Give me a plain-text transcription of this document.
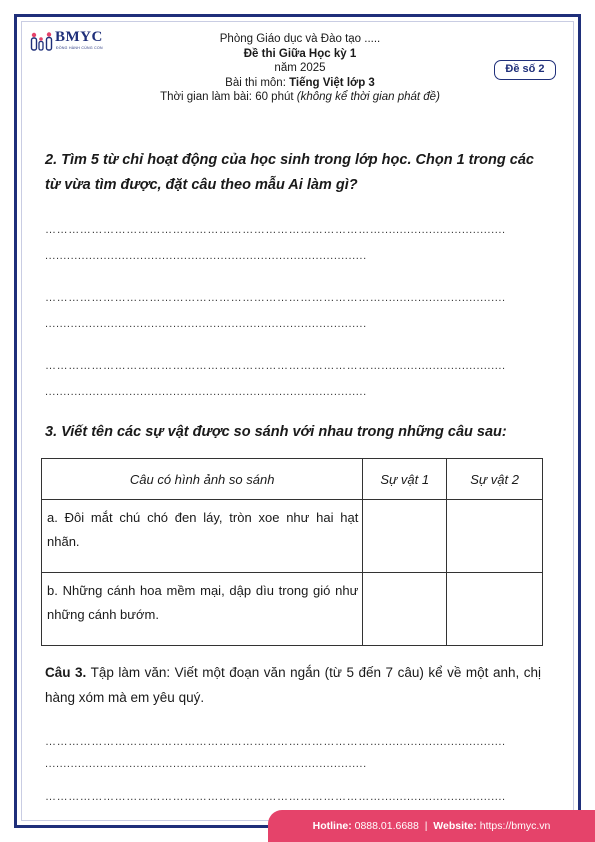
BMYC
ĐỒNG HÀNH CÙNG CON
Phòng Giáo dục và Đào tạo .....
Đề thi Giữa Học kỳ 1
năm 2025
Bài thi môn: Tiếng Việt lớp 3
Thời gian làm bài: 60 phút (không kể thời gian phát đề)
Đề số 2
2. Tìm 5 từ chỉ hoạt động của học sinh trong lớp học. Chọn 1 trong các từ vừa tìm được, đặt câu theo mẫu Ai làm gì?
……………………………………………………………………………..................................
........................................................................................
……………………………………………………………………………..................................
........................................................................................
……………………………………………………………………………..................................
........................................................................................
3. Viết tên các sự vật được so sánh với nhau trong những câu sau:
Câu có hình ảnh so sánh	Sự vật 1	Sự vật 2
a. Đôi mắt chú chó đen láy, tròn xoe như hai hạt nhãn.		
b. Những cánh hoa mềm mại, dập dìu trong gió như những cánh bướm.		
Câu 3. Tập làm văn: Viết một đoạn văn ngắn (từ 5 đến 7 câu) kể về một anh, chị hàng xóm mà em yêu quý.
……………………………………………………………………………..................................
........................................................................................
……………………………………………………………………………..................................
Hotline: 0888.01.6688  |  Website: https://bmyc.vn
